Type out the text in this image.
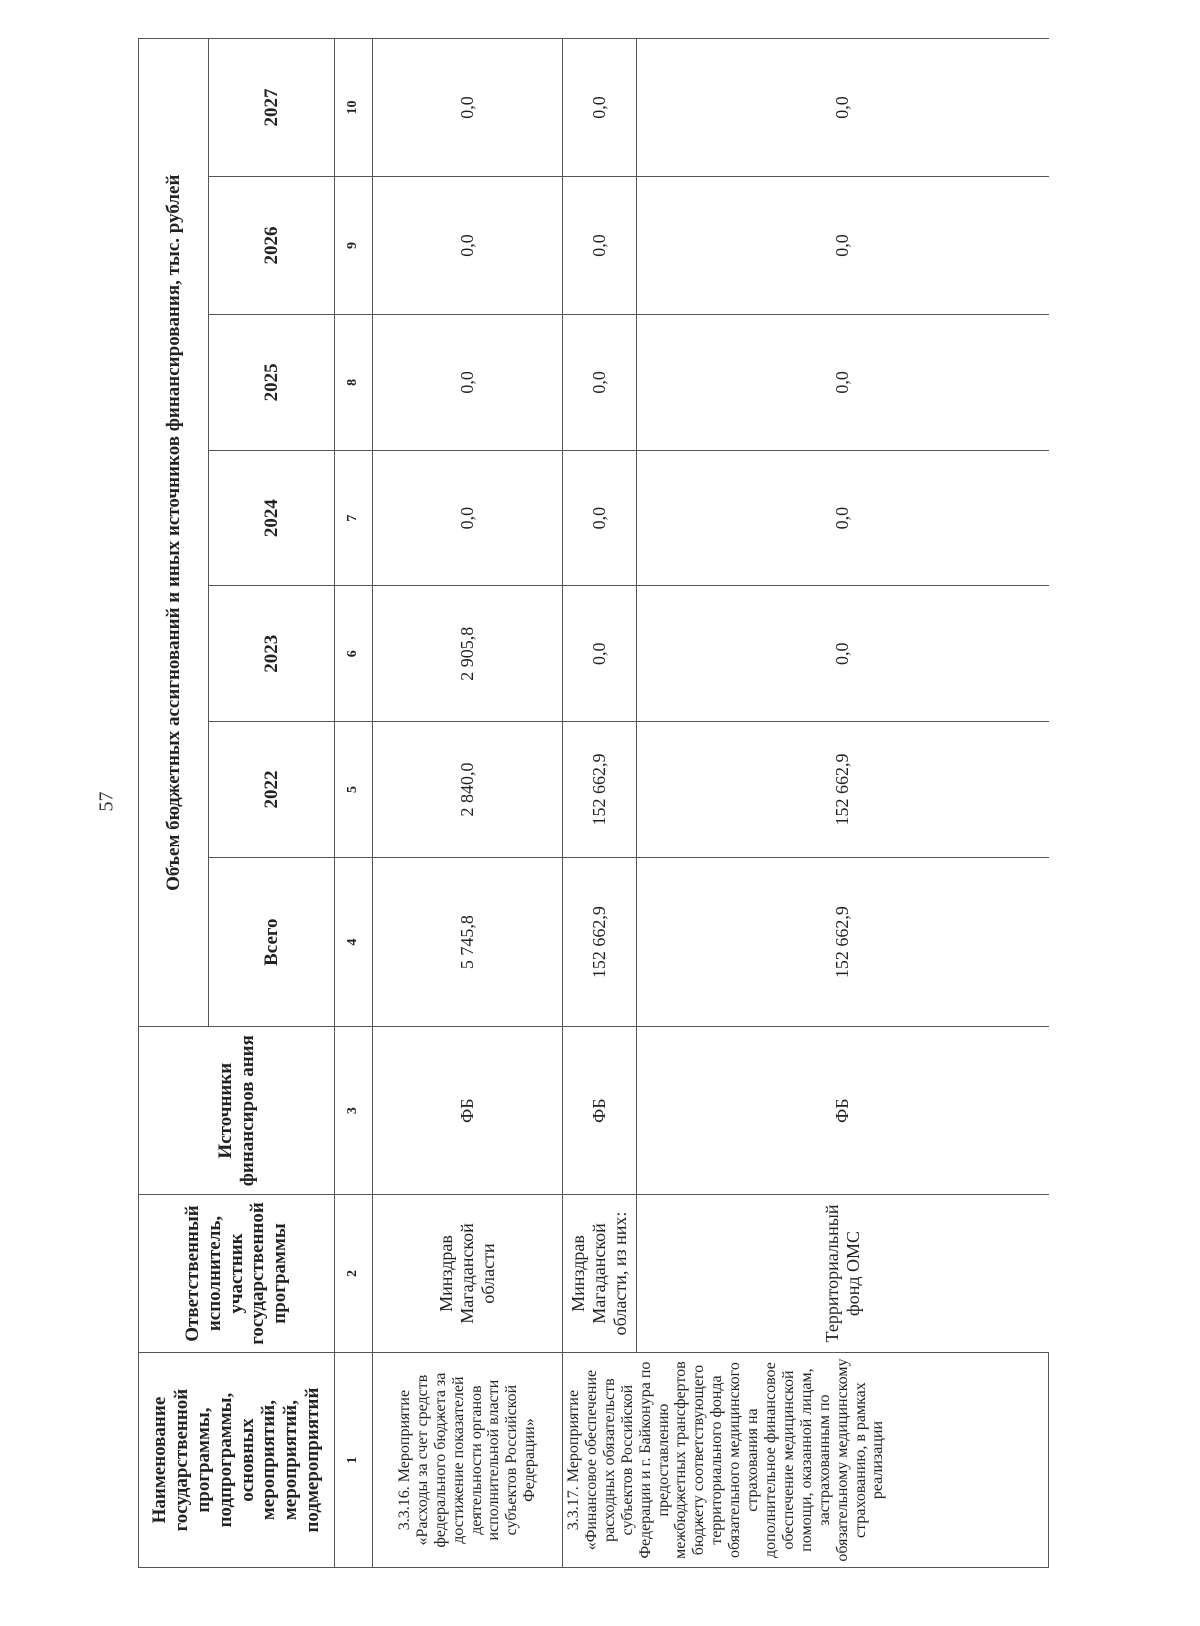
57
Наименование государственной программы, подпрограммы, основных мероприятий, мероприятий, подмероприятий	Ответственный исполнитель, участник государственной программы	Источники финансиров ания	Объем бюджетных ассигнований и иных источников финансирования, тыс. рублей						
			Всего	2022	2023	2024	2025	2026	2027
1	2	3	4	5	6	7	8	9	10
3.3.16. Мероприятие «Расходы за счет средств федерального бюджета за достижение показателей деятельности органов исполнительной власти субъектов Российской Федерации»	Минздрав Магаданской области	ФБ	5 745,8	2 840,0	2 905,8	0,0	0,0	0,0	0,0
3.3.17. Мероприятие «Финансовое обеспечение расходных обязательств субъектов Российской Федерации и г. Байконура по предоставлению межбюджетных трансфертов бюджету соответствующего территориального фонда обязательного медицинского страхования на дополнительное финансовое обеспечение медицинской помощи, оказанной лицам, застрахованным по обязательному медицинскому страхованию, в рамках реализации	Минздрав Магаданской области, из них:	ФБ	152 662,9	152 662,9	0,0	0,0	0,0	0,0	0,0
	Территориальный фонд ОМС	ФБ	152 662,9	152 662,9	0,0	0,0	0,0	0,0	0,0
